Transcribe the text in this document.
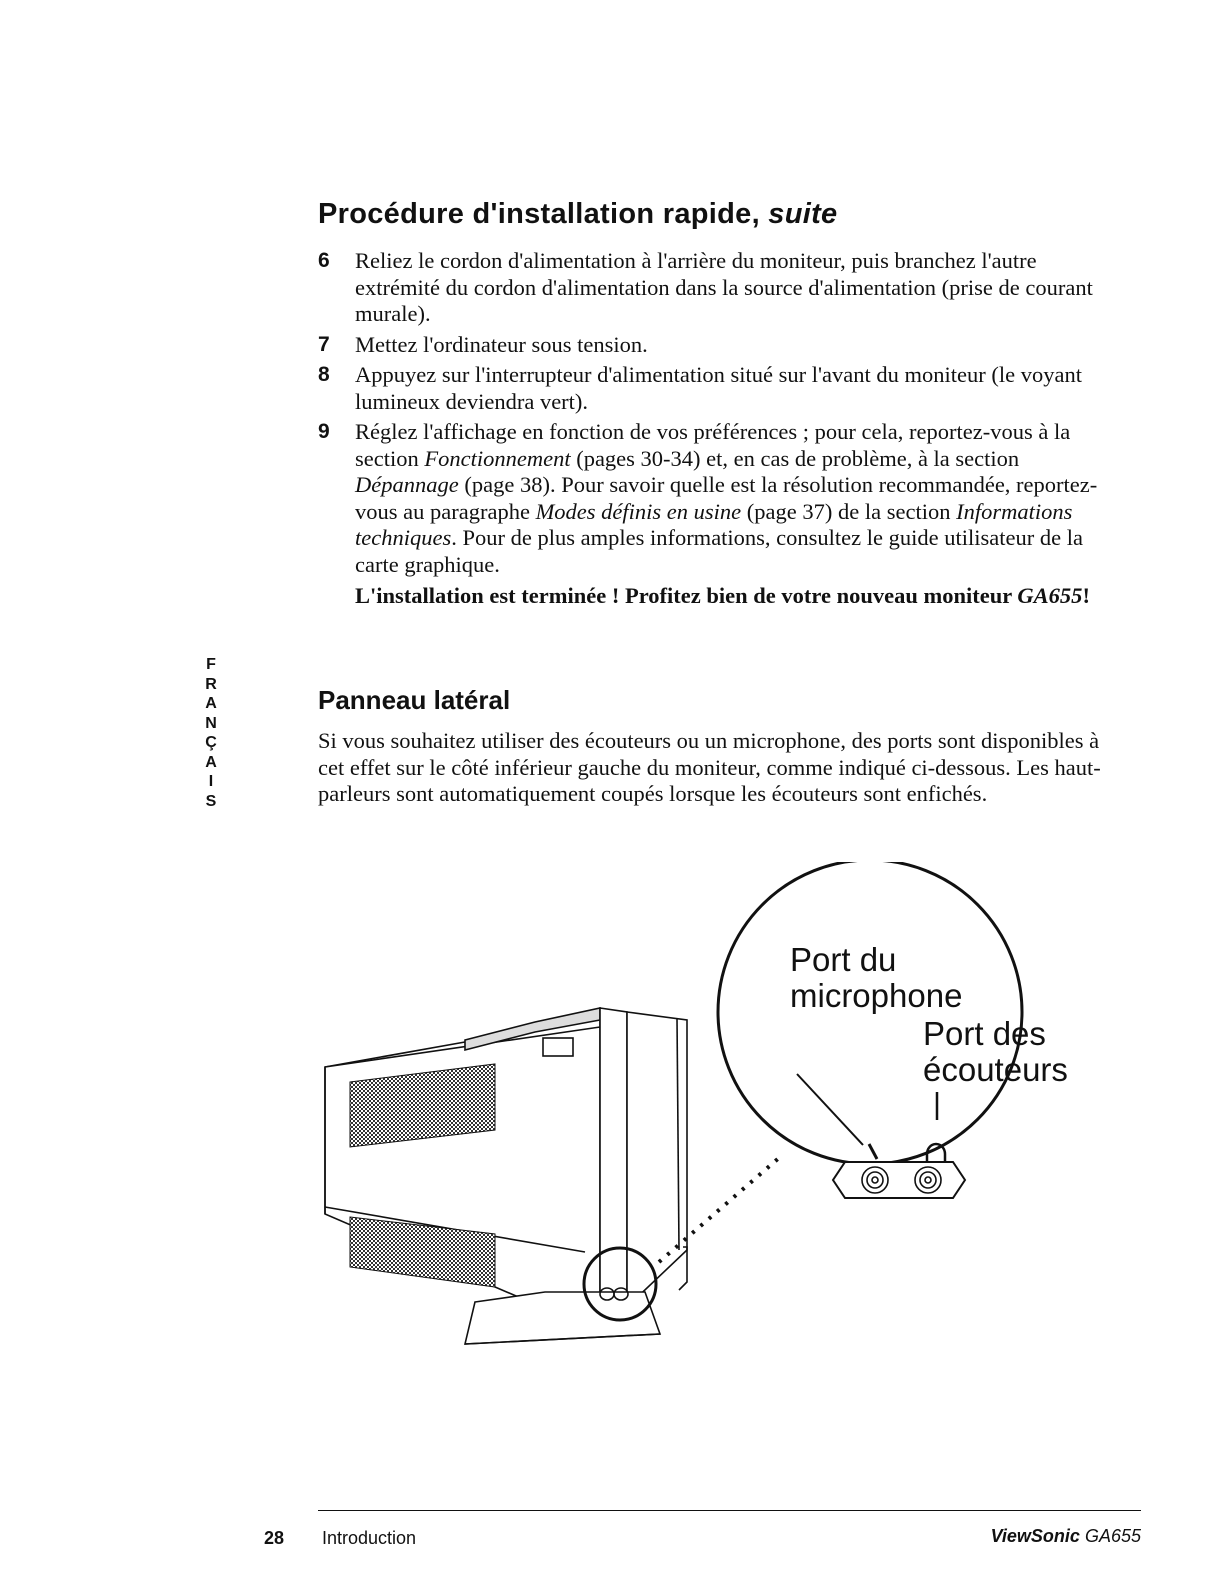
Procédure d'installation rapide, suite
6 Reliez le cordon d'alimentation à l'arrière du moniteur, puis branchez l'autre extrémité du cordon d'alimentation dans la source d'alimentation (prise de courant murale).
7 Mettez l'ordinateur sous tension.
8 Appuyez sur l'interrupteur d'alimentation situé sur l'avant du moniteur (le voyant lumineux deviendra vert).
9 Réglez l'affichage en fonction de vos préférences ; pour cela, reportez-vous à la section Fonctionnement (pages 30-34) et, en cas de problème, à la section Dépannage (page 38). Pour savoir quelle est la résolution recommandée, reportez-vous au paragraphe Modes définis en usine (page 37) de la section Informations techniques. Pour de plus amples informations, consultez le guide utilisateur de la carte graphique.
L'installation est terminée ! Profitez bien de votre nouveau moniteur GA655!
F
R
A
N
Ç
A
I
S
Panneau latéral
Si vous souhaitez utiliser des écouteurs ou un microphone, des ports sont disponibles à cet effet sur le côté inférieur gauche du moniteur, comme indiqué ci-dessous. Les haut-parleurs sont automatiquement coupés lorsque les écouteurs sont enfichés.
Port du
microphone
Port des
écouteurs
28 Introduction	ViewSonic GA655
